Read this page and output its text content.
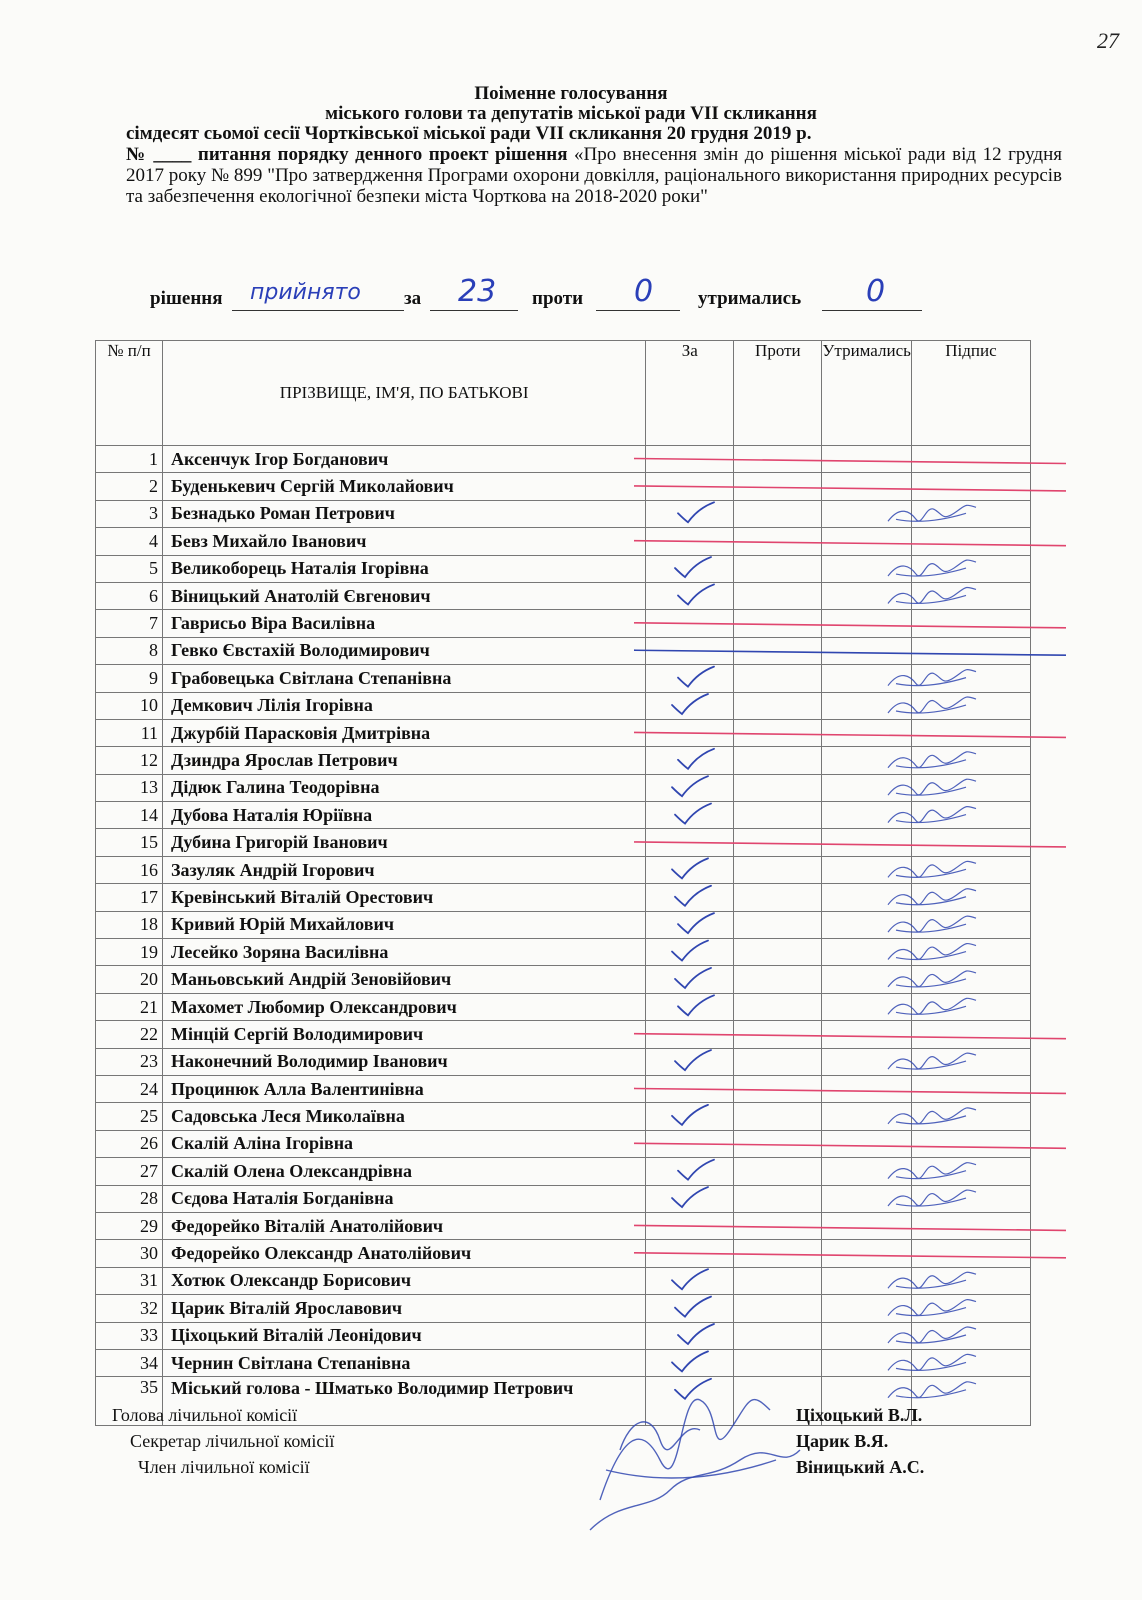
27
Поіменне голосування
міського голови та депутатів міської ради VII скликання
сімдесят сьомої сесії Чортківської міської ради VII скликання 20 грудня 2019 р.
№ ____ питання порядку денного проект рішення «Про внесення змін до рішення міської ради від 12 грудня 2017 року № 899 "Про затвердження Програми охорони довкілля, раціонального використання природних ресурсів та забезпечення екологічної безпеки міста Чорткова на 2018-2020 роки"
рішення прийнято за 23 проти 0 утримались 0
№ п/п	ПРІЗВИЩЕ, ІМ'Я, ПО БАТЬКОВІ	За	Проти	Утримались	Підпис
1	Аксенчук Ігор Богданович				
2	Буденькевич Сергій Миколайович				
3	Безнадько Роман Петрович				
4	Бевз Михайло Іванович				
5	Великоборець Наталія Ігорівна				
6	Віницький Анатолій Євгенович				
7	Гаврисьо Віра Василівна				
8	Гевко Євстахій Володимирович				
9	Грабовецька Світлана Степанівна				
10	Демкович Лілія Ігорівна				
11	Джурбій Парасковія Дмитрівна				
12	Дзиндра Ярослав Петрович				
13	Дідюк Галина Теодорівна				
14	Дубова Наталія Юріївна				
15	Дубина Григорій Іванович				
16	Зазуляк Андрій Ігорович				
17	Кревінський Віталій Орестович				
18	Кривий Юрій Михайлович				
19	Лесейко Зоряна Василівна				
20	Маньовський Андрій Зеновійович				
21	Махомет Любомир Олександрович				
22	Мінцій Сергій Володимирович				
23	Наконечний Володимир Іванович				
24	Процинюк Алла Валентинівна				
25	Садовська Леся Миколаївна				
26	Скалій Аліна Ігорівна				
27	Скалій Олена Олександрівна				
28	Сєдова Наталія Богданівна				
29	Федорейко Віталій Анатолійович				
30	Федорейко Олександр Анатолійович				
31	Хотюк Олександр Борисович				
32	Царик Віталій Ярославович				
33	Ціхоцький Віталій Леонідович				
34	Чернин Світлана Степанівна				
35	Міський голова - Шматько Володимир Петрович				
Голова лічильної комісії
Секретар лічильної комісії
Член лічильної комісії
Ціхоцький В.Л.
Царик В.Я.
Віницький А.С.
